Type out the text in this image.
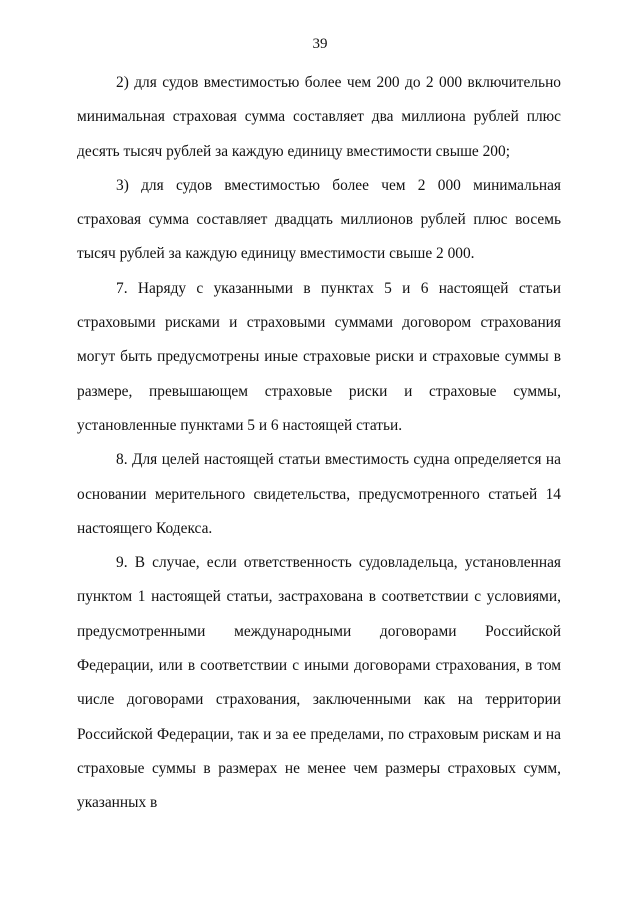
39

2) для судов вместимостью более чем 200 до 2 000 включительно минимальная страховая сумма составляет два миллиона рублей плюс десять тысяч рублей за каждую единицу вместимости свыше 200;

3) для судов вместимостью более чем 2 000 минимальная страховая сумма составляет двадцать миллионов рублей плюс восемь тысяч рублей за каждую единицу вместимости свыше 2 000.

7. Наряду с указанными в пунктах 5 и 6 настоящей статьи страховыми рисками и страховыми суммами договором страхования могут быть предусмотрены иные страховые риски и страховые суммы в размере, превышающем страховые риски и страховые суммы, установленные пунктами 5 и 6 настоящей статьи.

8. Для целей настоящей статьи вместимость судна определяется на основании мерительного свидетельства, предусмотренного статьей 14 настоящего Кодекса.

9. В случае, если ответственность судовладельца, установленная пунктом 1 настоящей статьи, застрахована в соответствии с условиями, предусмотренными международными договорами Российской Федерации, или в соответствии с иными договорами страхования, в том числе договорами страхования, заключенными как на территории Российской Федерации, так и за ее пределами, по страховым рискам и на страховые суммы в размерах не менее чем размеры страховых сумм, указанных в
